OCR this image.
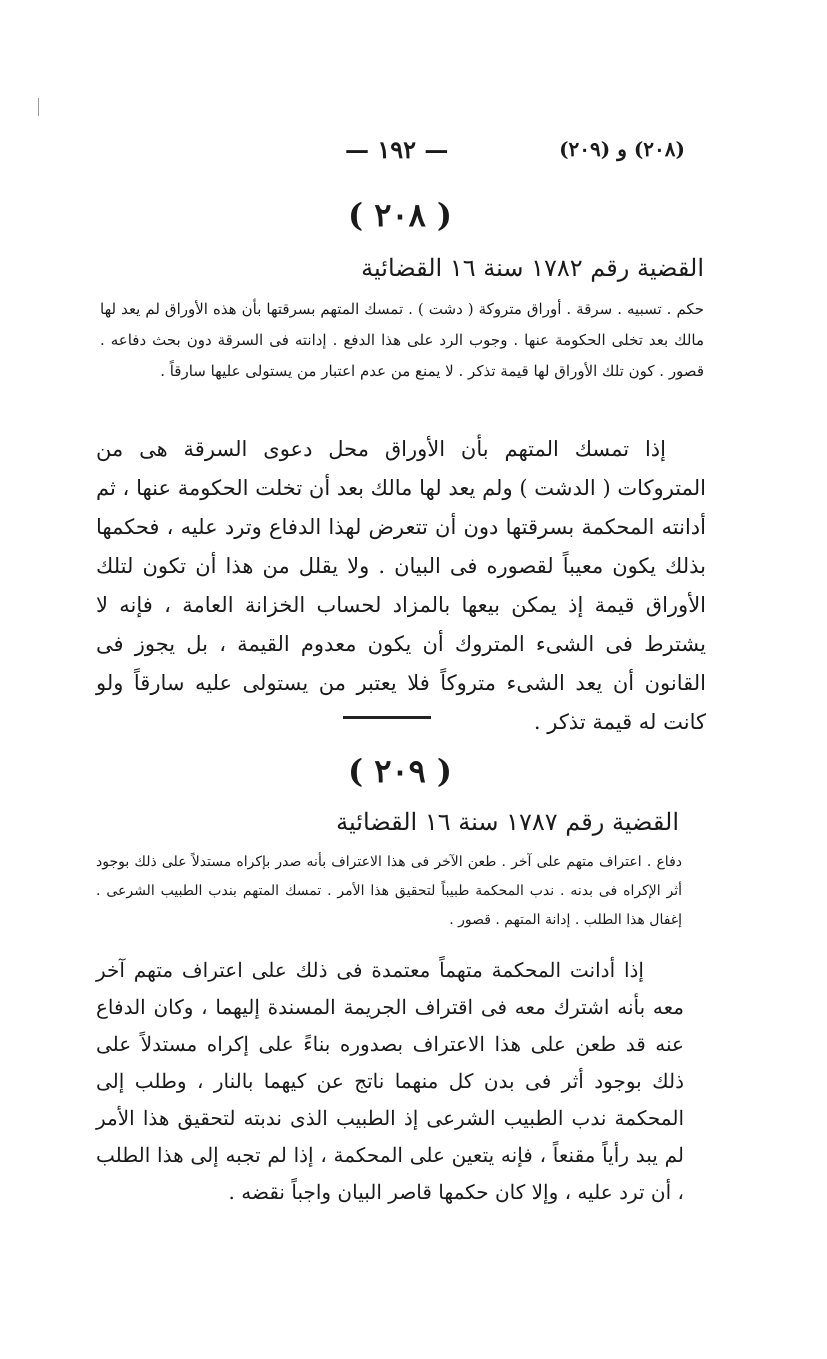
— ١٩٢ —	(٢٠٨) و (٢٠٩)
( ٢٠٨ )
القضية رقم ١٧٨٢ سنة ١٦ القضائية

حكم . تسبيه . سرقة . أوراق متروكة ( دشت ) . تمسك المتهم بسرقتها بأن هذه الأوراق لم يعد لها مالك بعد تخلى الحكومة عنها . وجوب الرد على هذا الدفع . إدانته فى السرقة دون بحث دفاعه . قصور . كون تلك الأوراق لها قيمة تذكر . لا يمنع من عدم اعتبار من يستولى عليها سارقاً .

إذا تمسك المتهم بأن الأوراق محل دعوى السرقة هى من المتروكات ( الدشت ) ولم يعد لها مالك بعد أن تخلت الحكومة عنها ، ثم أدانته المحكمة بسرقتها دون أن تتعرض لهذا الدفاع وترد عليه ، فحكمها بذلك يكون معيباً لقصوره فى البيان . ولا يقلل من هذا أن تكون لتلك الأوراق قيمة إذ يمكن بيعها بالمزاد لحساب الخزانة العامة ، فإنه لا يشترط فى الشىء المتروك أن يكون معدوم القيمة ، بل يجوز فى القانون أن يعد الشىء متروكاً فلا يعتبر من يستولى عليه سارقاً ولو كانت له قيمة تذكر .

( ٢٠٩ )
القضية رقم ١٧٨٧ سنة ١٦ القضائية

دفاع . اعتراف متهم على آخر . طعن الآخر فى هذا الاعتراف بأنه صدر بإكراه مستدلاً على ذلك بوجود أثر الإكراه فى بدنه . ندب المحكمة طبيباً لتحقيق هذا الأمر . تمسك المتهم بندب الطبيب الشرعى . إغفال هذا الطلب . إدانة المتهم . قصور .

إذا أدانت المحكمة متهماً معتمدة فى ذلك على اعتراف متهم آخر معه بأنه اشترك معه فى اقتراف الجريمة المسندة إليهما ، وكان الدفاع عنه قد طعن على هذا الاعتراف بصدوره بناءً على إكراه مستدلاً على ذلك بوجود أثر فى بدن كل منهما ناتج عن كيهما بالنار ، وطلب إلى المحكمة ندب الطبيب الشرعى إذ الطبيب الذى ندبته لتحقيق هذا الأمر لم يبد رأياً مقنعاً ، فإنه يتعين على المحكمة ، إذا لم تجبه إلى هذا الطلب ، أن ترد عليه ، وإلا كان حكمها قاصر البيان واجباً نقضه .
